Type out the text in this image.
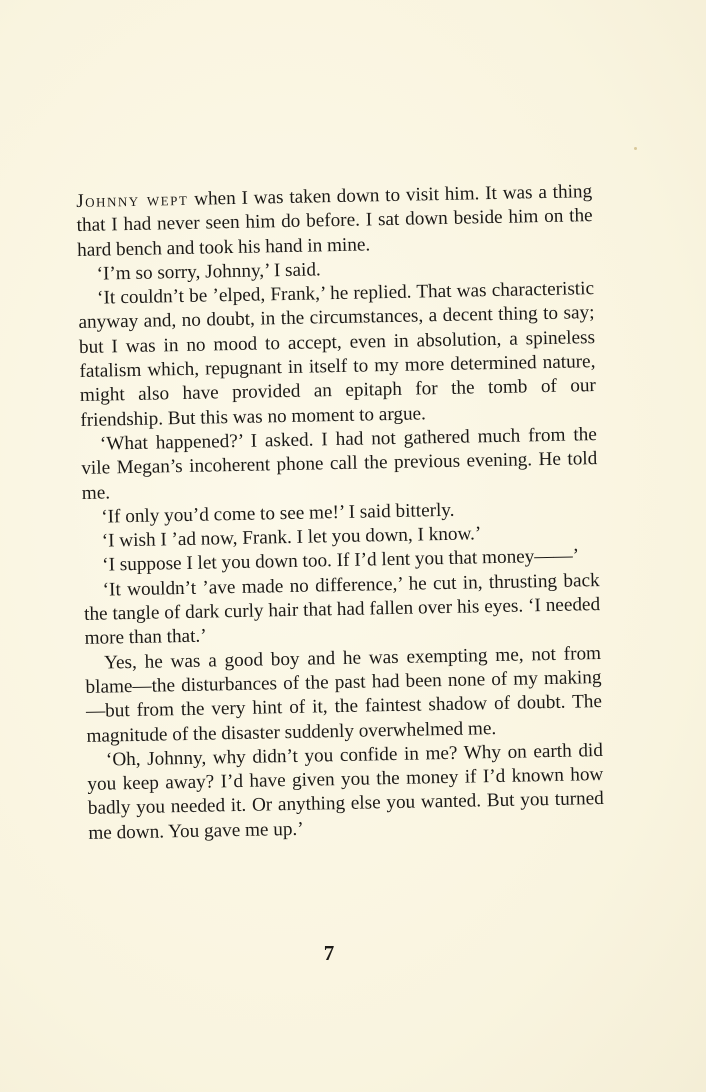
Johnny wept when I was taken down to visit him. It was a thing that I had never seen him do before. I sat down beside him on the hard bench and took his hand in mine.

‘I’m so sorry, Johnny,’ I said.

‘It couldn’t be ’elped, Frank,’ he replied. That was characteristic anyway and, no doubt, in the circumstances, a decent thing to say; but I was in no mood to accept, even in absolution, a spineless fatalism which, repugnant in itself to my more determined nature, might also have provided an epitaph for the tomb of our friendship. But this was no moment to argue.

‘What happened?’ I asked. I had not gathered much from the vile Megan’s incoherent phone call the previous evening. He told me.

‘If only you’d come to see me!’ I said bitterly.

‘I wish I ’ad now, Frank. I let you down, I know.’

‘I suppose I let you down too. If I’d lent you that money——’

‘It wouldn’t ’ave made no difference,’ he cut in, thrusting back the tangle of dark curly hair that had fallen over his eyes. ‘I needed more than that.’

Yes, he was a good boy and he was exempting me, not from blame—the disturbances of the past had been none of my making—but from the very hint of it, the faintest shadow of doubt. The magnitude of the disaster suddenly overwhelmed me.

‘Oh, Johnny, why didn’t you confide in me? Why on earth did you keep away? I’d have given you the money if I’d known how badly you needed it. Or anything else you wanted. But you turned me down. You gave me up.’

7
